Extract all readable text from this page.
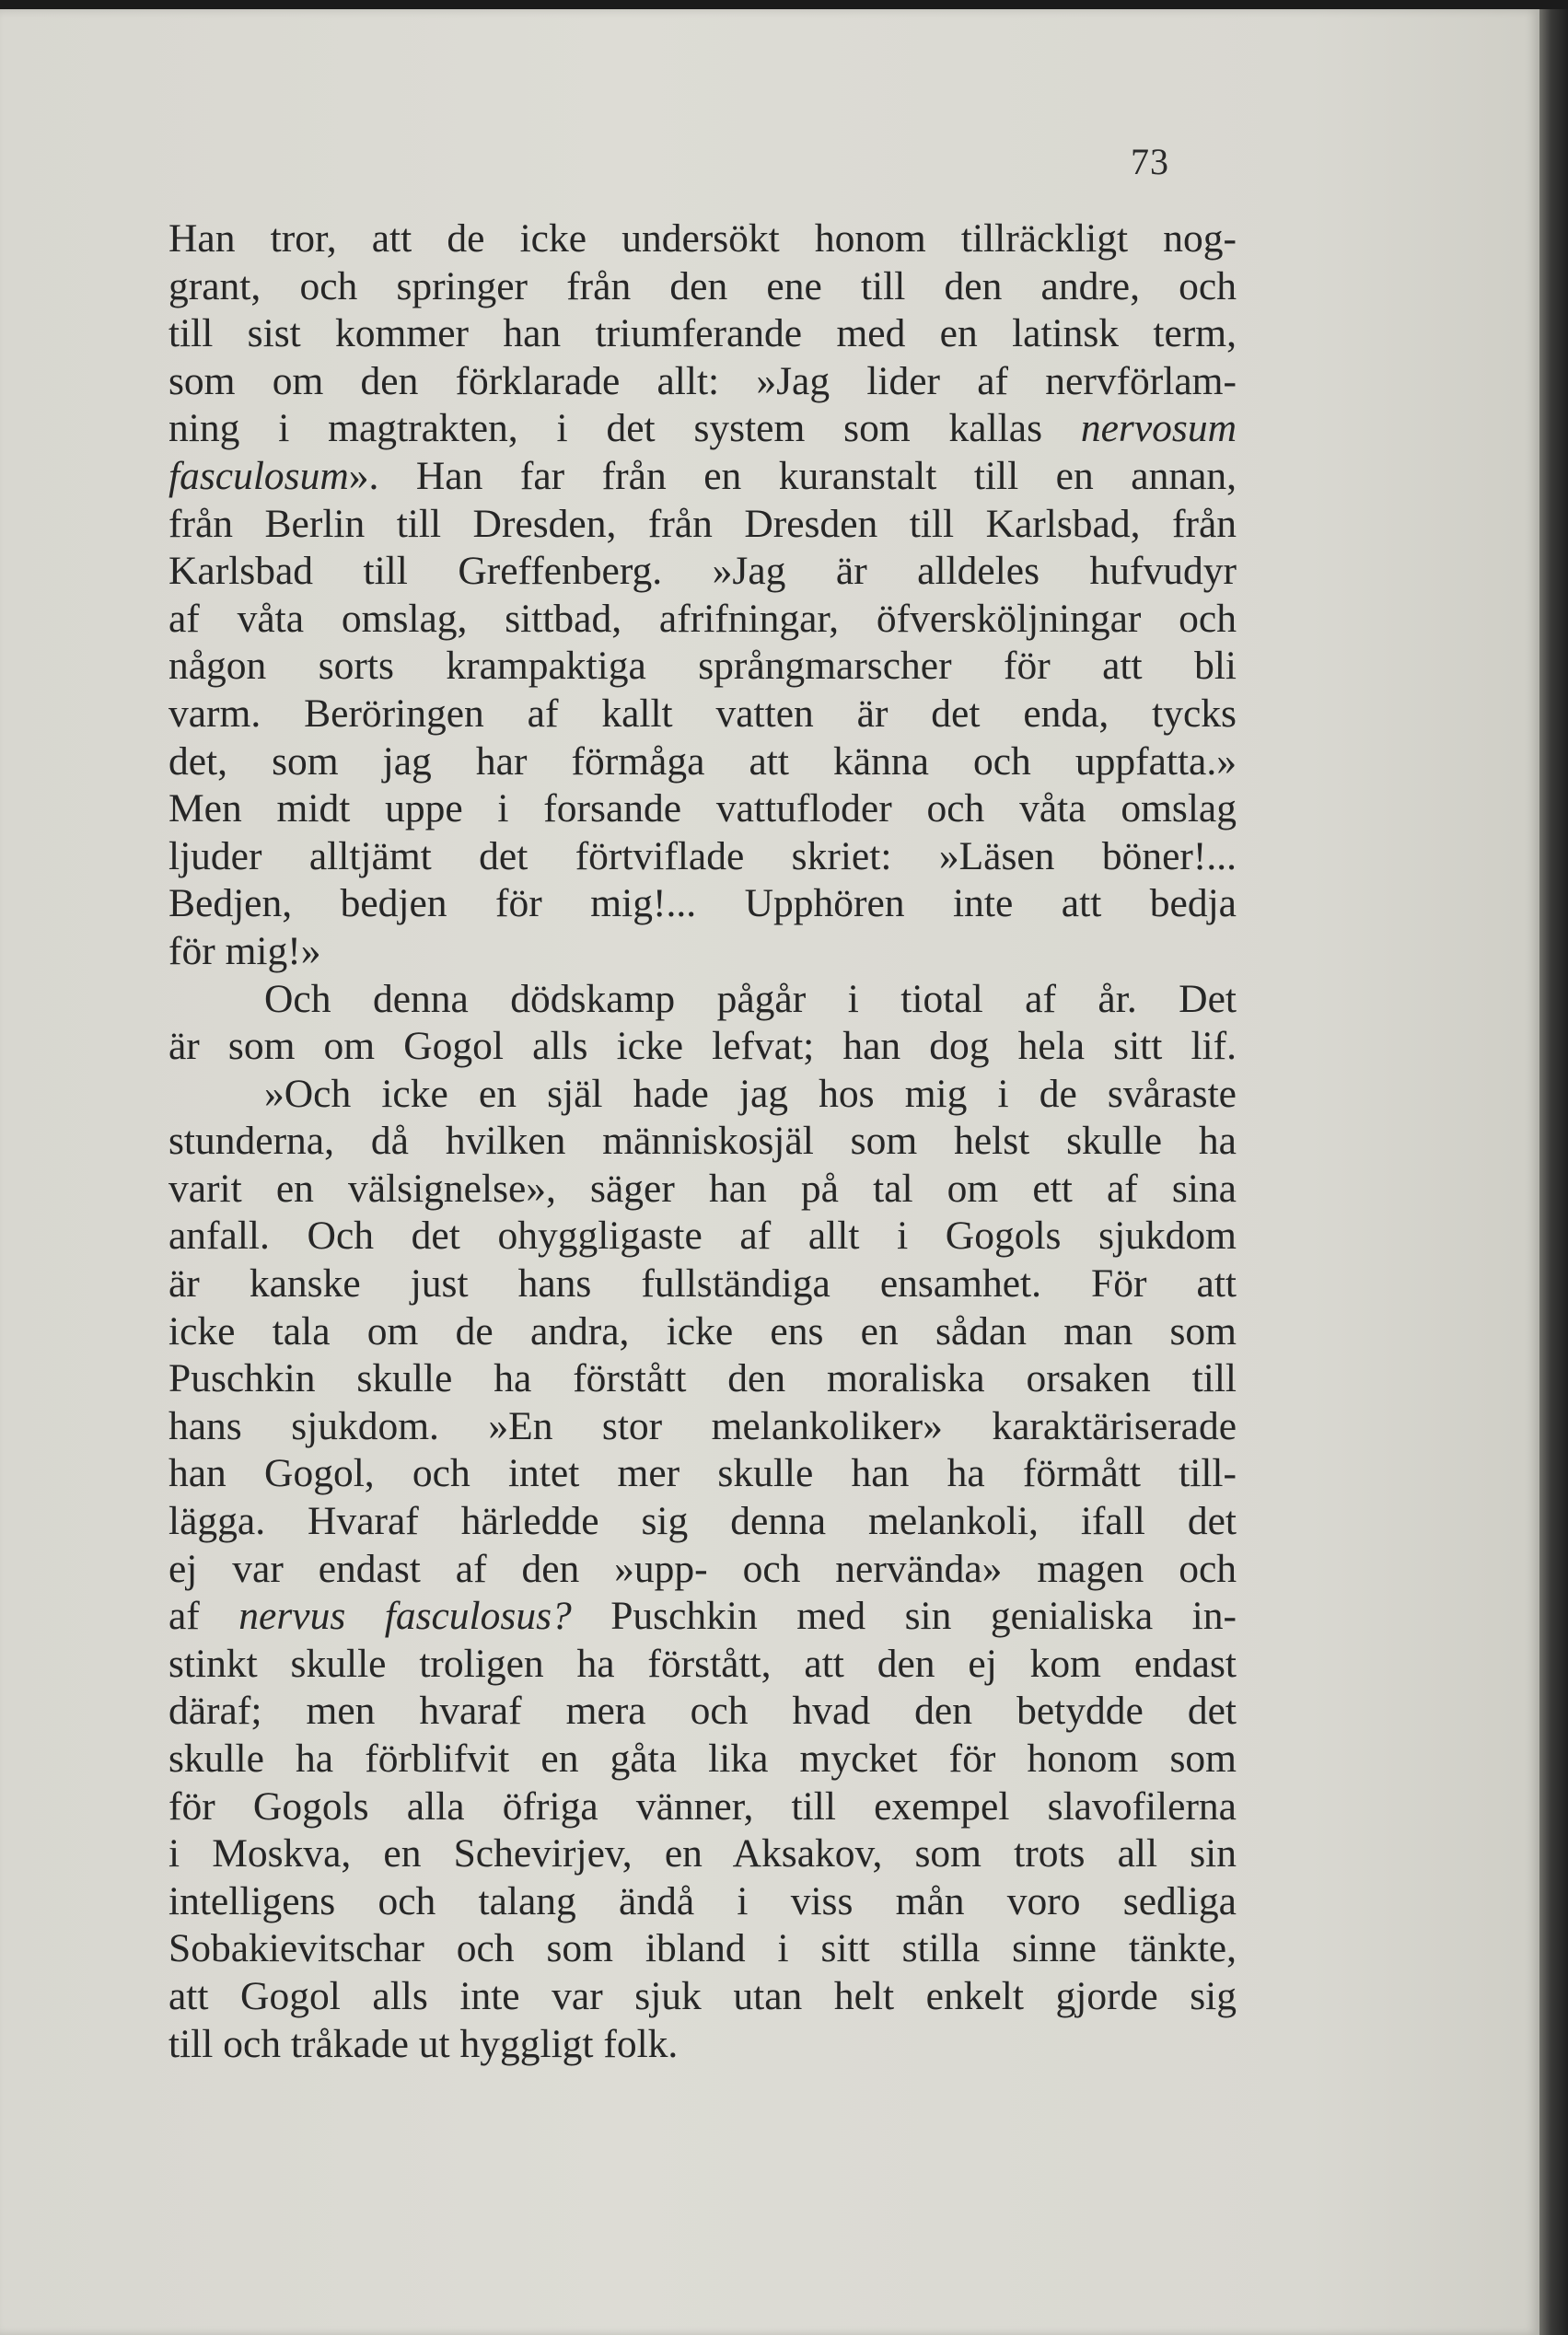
73
Han tror, att de icke undersökt honom tillräckligt nog-
grant, och springer från den ene till den andre, och
till sist kommer han triumferande med en latinsk term,
som om den förklarade allt: »Jag lider af nervförlam-
ning i magtrakten, i det system som kallas nervosum
fasculosum». Han far från en kuranstalt till en annan,
från Berlin till Dresden, från Dresden till Karlsbad, från
Karlsbad till Greffenberg. »Jag är alldeles hufvudyr
af våta omslag, sittbad, afrifningar, öfversköljningar och
någon sorts krampaktiga språngmarscher för att bli
varm. Beröringen af kallt vatten är det enda, tycks
det, som jag har förmåga att känna och uppfatta.»
Men midt uppe i forsande vattufloder och våta omslag
ljuder alltjämt det förtviflade skriet: »Läsen böner!...
Bedjen, bedjen för mig!... Upphören inte att bedja
för mig!»
Och denna dödskamp pågår i tiotal af år. Det
är som om Gogol alls icke lefvat; han dog hela sitt lif.
»Och icke en själ hade jag hos mig i de svåraste
stunderna, då hvilken människosjäl som helst skulle ha
varit en välsignelse», säger han på tal om ett af sina
anfall. Och det ohyggligaste af allt i Gogols sjukdom
är kanske just hans fullständiga ensamhet. För att
icke tala om de andra, icke ens en sådan man som
Puschkin skulle ha förstått den moraliska orsaken till
hans sjukdom. »En stor melankoliker» karaktäriserade
han Gogol, och intet mer skulle han ha förmått till-
lägga. Hvaraf härledde sig denna melankoli, ifall det
ej var endast af den »upp- och nervända» magen och
af nervus fasculosus? Puschkin med sin genialiska in-
stinkt skulle troligen ha förstått, att den ej kom endast
däraf; men hvaraf mera och hvad den betydde det
skulle ha förblifvit en gåta lika mycket för honom som
för Gogols alla öfriga vänner, till exempel slavofilerna
i Moskva, en Schevirjev, en Aksakov, som trots all sin
intelligens och talang ändå i viss mån voro sedliga
Sobakievitschar och som ibland i sitt stilla sinne tänkte,
att Gogol alls inte var sjuk utan helt enkelt gjorde sig
till och tråkade ut hyggligt folk.
